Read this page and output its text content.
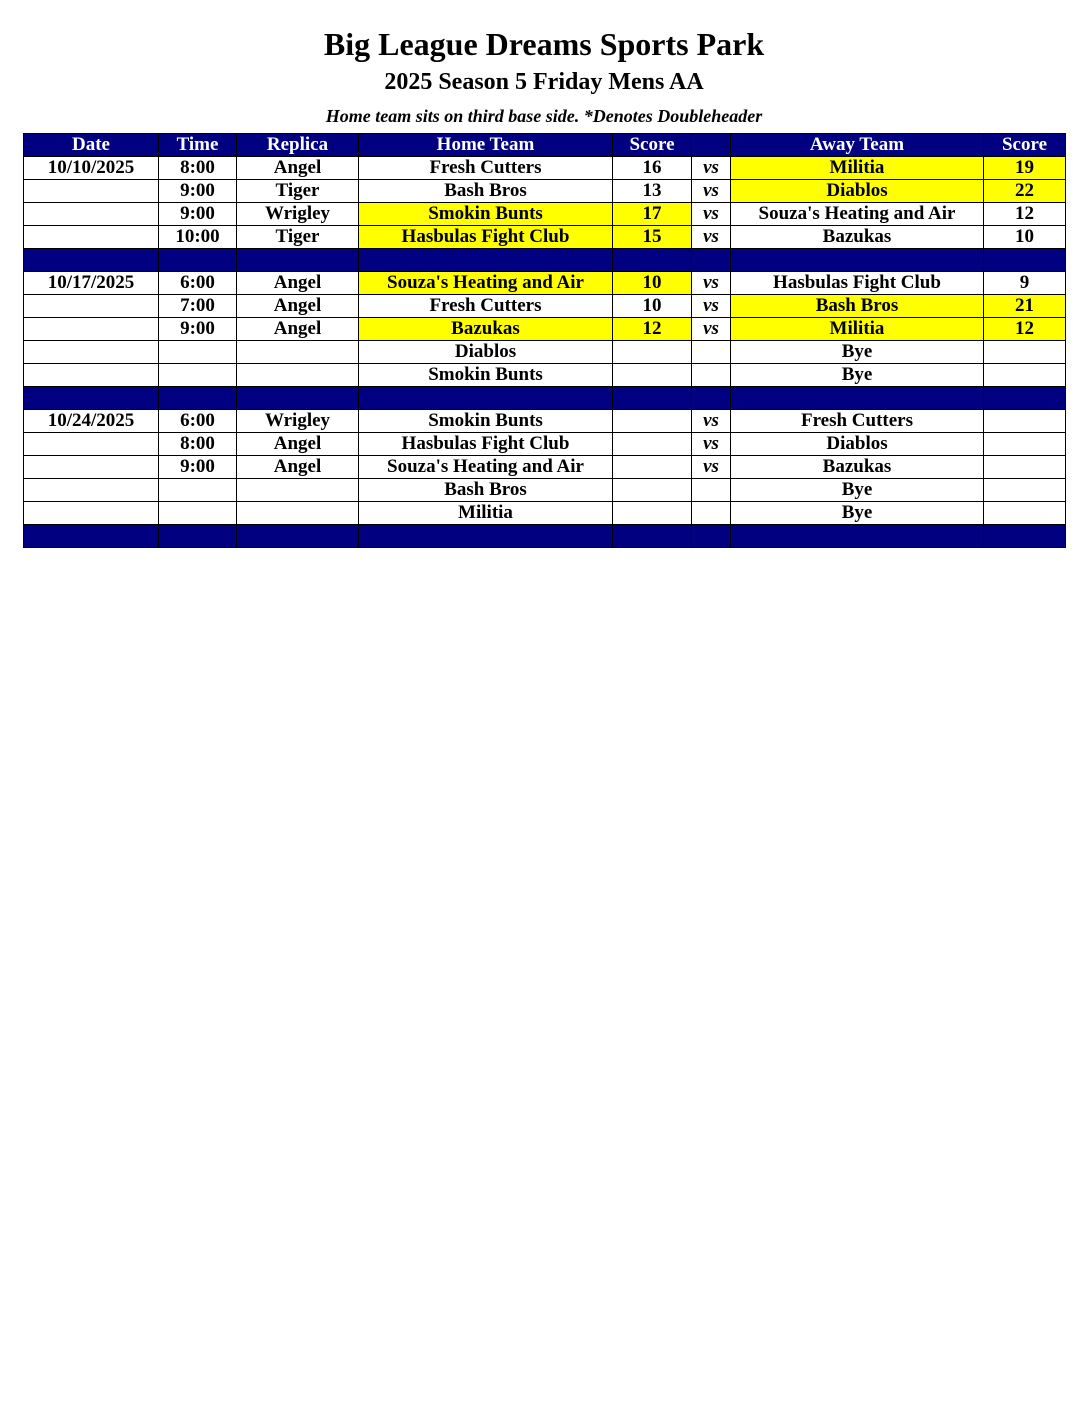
Big League Dreams Sports Park
2025 Season 5 Friday Mens AA
Home team sits on third base side. *Denotes Doubleheader
Date	Time	Replica	Home Team	Score		Away Team	Score
10/10/2025	8:00	Angel	Fresh Cutters	16	vs	Militia	19
	9:00	Tiger	Bash Bros	13	vs	Diablos	22
	9:00	Wrigley	Smokin Bunts	17	vs	Souza's Heating and Air	12
	10:00	Tiger	Hasbulas Fight Club	15	vs	Bazukas	10

10/17/2025	6:00	Angel	Souza's Heating and Air	10	vs	Hasbulas Fight Club	9
	7:00	Angel	Fresh Cutters	10	vs	Bash Bros	21
	9:00	Angel	Bazukas	12	vs	Militia	12
			Diablos			Bye	
			Smokin Bunts			Bye	

10/24/2025	6:00	Wrigley	Smokin Bunts		vs	Fresh Cutters	
	8:00	Angel	Hasbulas Fight Club		vs	Diablos	
	9:00	Angel	Souza's Heating and Air		vs	Bazukas	
			Bash Bros			Bye	
			Militia			Bye	
